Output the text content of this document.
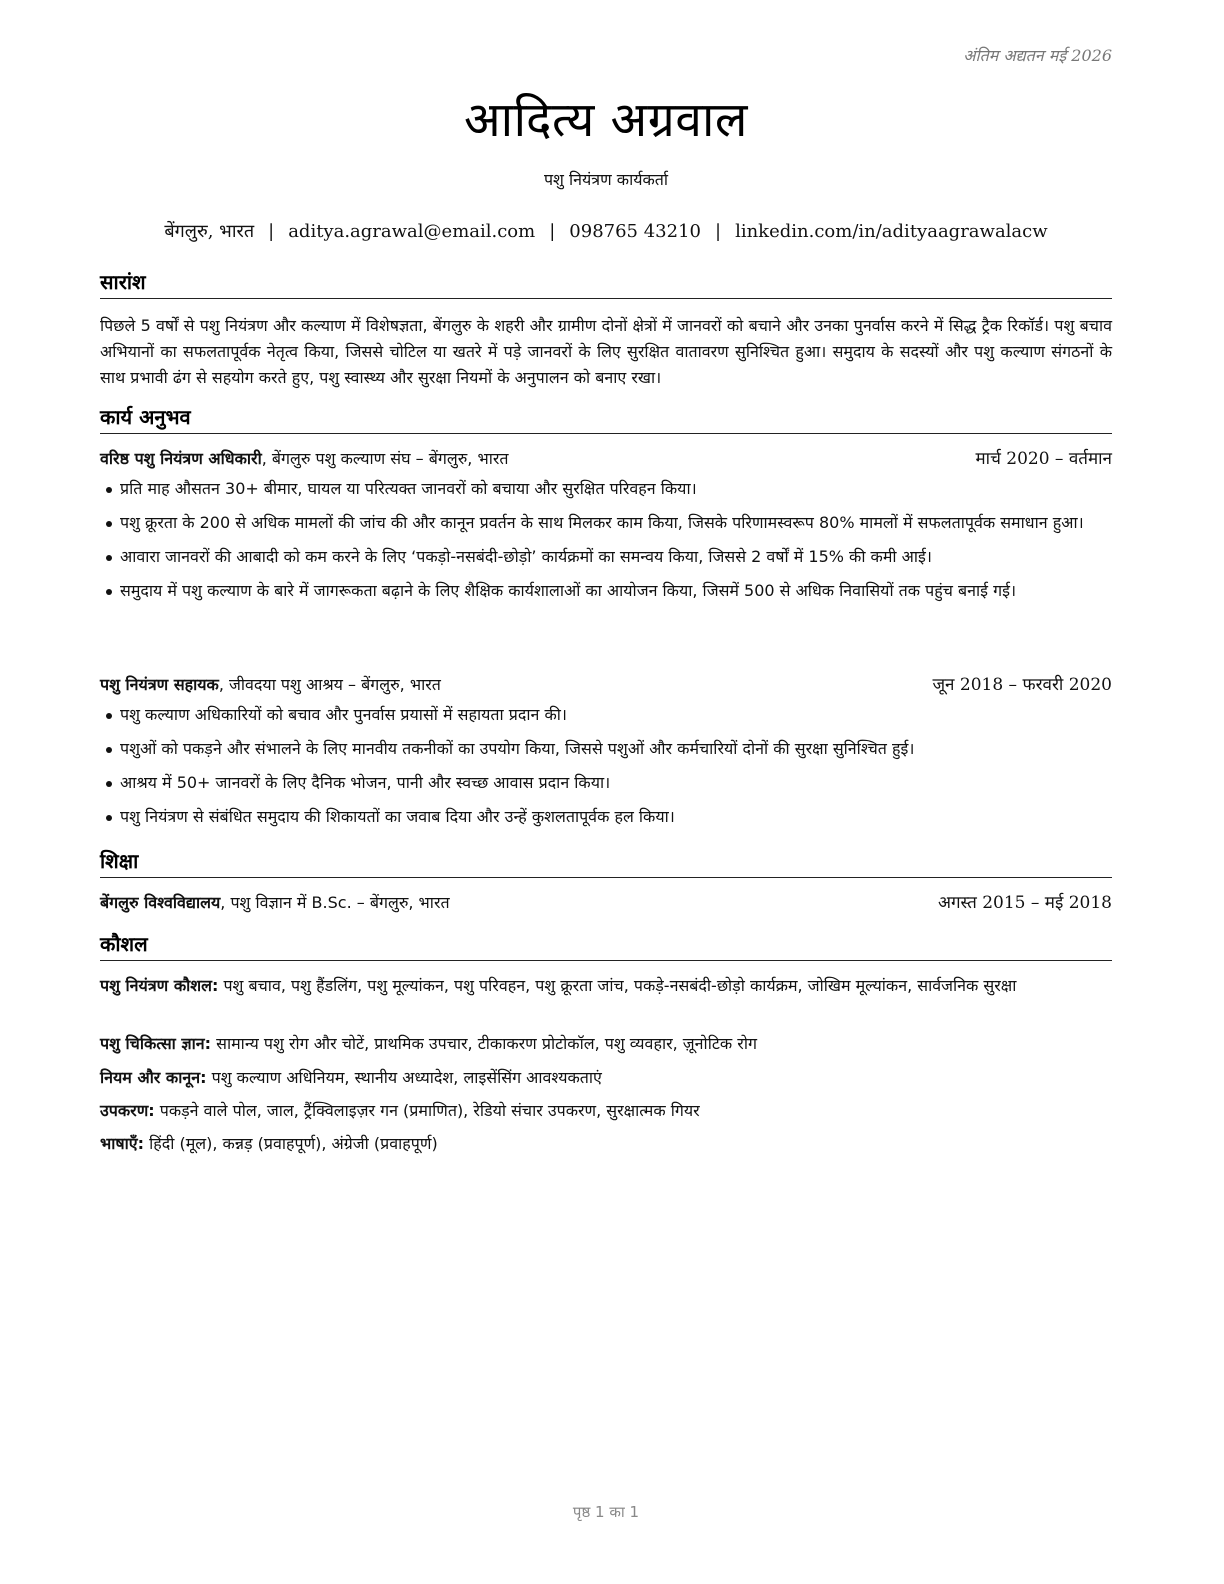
अंतिम अद्यतन मई 2026
आदित्य अग्रवाल
पशु नियंत्रण कार्यकर्ता
बेंगलुरु, भारत | aditya.agrawal@email.com | 098765 43210 | linkedin.com/in/adityaagrawalacw
सारांश
पिछले 5 वर्षों से पशु नियंत्रण और कल्याण में विशेषज्ञता, बेंगलुरु के शहरी और ग्रामीण दोनों क्षेत्रों में जानवरों को बचाने और उनका पुनर्वास करने में सिद्ध ट्रैक रिकॉर्ड। पशु बचाव अभियानों का सफलतापूर्वक नेतृत्व किया, जिससे चोटिल या खतरे में पड़े जानवरों के लिए सुरक्षित वातावरण सुनिश्चित हुआ। समुदाय के सदस्यों और पशु कल्याण संगठनों के साथ प्रभावी ढंग से सहयोग करते हुए, पशु स्वास्थ्य और सुरक्षा नियमों के अनुपालन को बनाए रखा।
कार्य अनुभव
वरिष्ठ पशु नियंत्रण अधिकारी, बेंगलुरु पशु कल्याण संघ – बेंगलुरु, भारत	मार्च 2020 – वर्तमान
प्रति माह औसतन 30+ बीमार, घायल या परित्यक्त जानवरों को बचाया और सुरक्षित परिवहन किया।
पशु क्रूरता के 200 से अधिक मामलों की जांच की और कानून प्रवर्तन के साथ मिलकर काम किया, जिसके परिणामस्वरूप 80% मामलों में सफलतापूर्वक समाधान हुआ।
आवारा जानवरों की आबादी को कम करने के लिए ‘पकड़ो-नसबंदी-छोड़ो’ कार्यक्रमों का समन्वय किया, जिससे 2 वर्षों में 15% की कमी आई।
समुदाय में पशु कल्याण के बारे में जागरूकता बढ़ाने के लिए शैक्षिक कार्यशालाओं का आयोजन किया, जिसमें 500 से अधिक निवासियों तक पहुंच बनाई गई।
पशु नियंत्रण सहायक, जीवदया पशु आश्रय – बेंगलुरु, भारत	जून 2018 – फरवरी 2020
पशु कल्याण अधिकारियों को बचाव और पुनर्वास प्रयासों में सहायता प्रदान की।
पशुओं को पकड़ने और संभालने के लिए मानवीय तकनीकों का उपयोग किया, जिससे पशुओं और कर्मचारियों दोनों की सुरक्षा सुनिश्चित हुई।
आश्रय में 50+ जानवरों के लिए दैनिक भोजन, पानी और स्वच्छ आवास प्रदान किया।
पशु नियंत्रण से संबंधित समुदाय की शिकायतों का जवाब दिया और उन्हें कुशलतापूर्वक हल किया।
शिक्षा
बेंगलुरु विश्वविद्यालय, पशु विज्ञान में B.Sc. – बेंगलुरु, भारत	अगस्त 2015 – मई 2018
कौशल
पशु नियंत्रण कौशल: पशु बचाव, पशु हैंडलिंग, पशु मूल्यांकन, पशु परिवहन, पशु क्रूरता जांच, पकड़े-नसबंदी-छोड़ो कार्यक्रम, जोखिम मूल्यांकन, सार्वजनिक सुरक्षा
पशु चिकित्सा ज्ञान: सामान्य पशु रोग और चोटें, प्राथमिक उपचार, टीकाकरण प्रोटोकॉल, पशु व्यवहार, ज़ूनोटिक रोग
नियम और कानून: पशु कल्याण अधिनियम, स्थानीय अध्यादेश, लाइसेंसिंग आवश्यकताएं
उपकरण: पकड़ने वाले पोल, जाल, ट्रैंक्विलाइज़र गन (प्रमाणित), रेडियो संचार उपकरण, सुरक्षात्मक गियर
भाषाएँ: हिंदी (मूल), कन्नड़ (प्रवाहपूर्ण), अंग्रेजी (प्रवाहपूर्ण)
पृष्ठ 1 का 1
